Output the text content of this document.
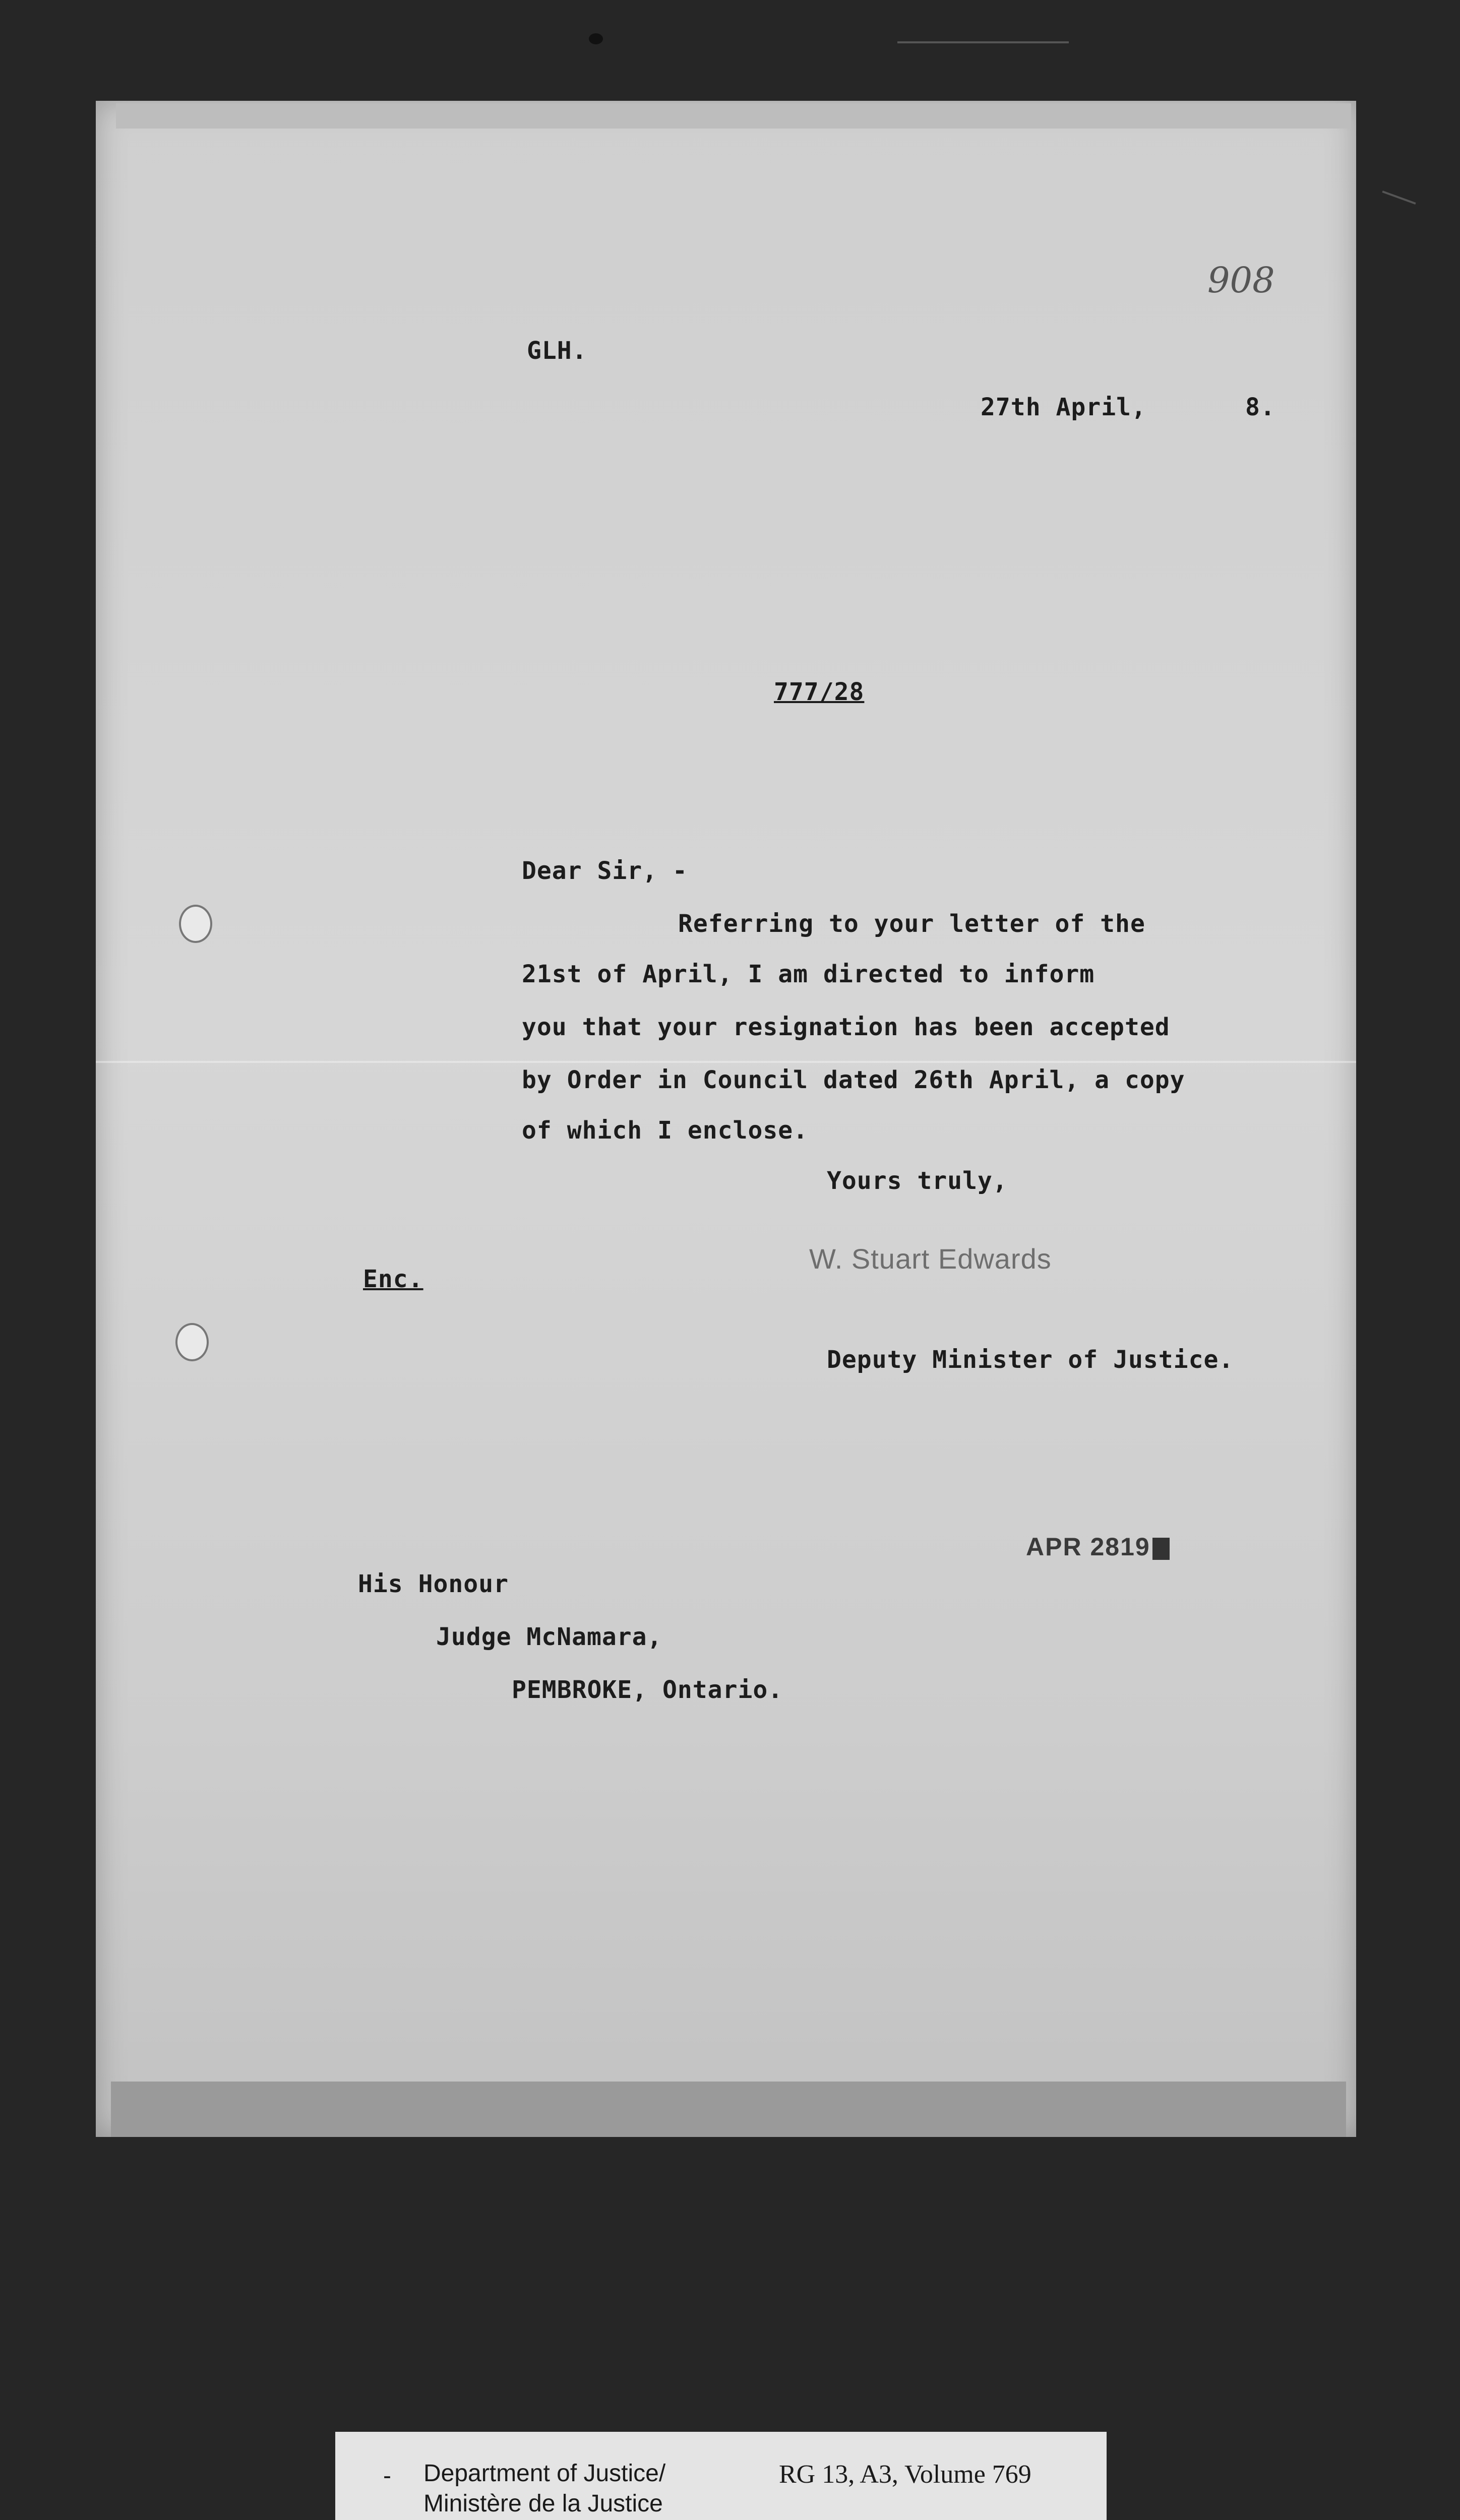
908
GLH.
27th April,	8.
777/28
Dear Sir, -
Referring to your letter of the
21st of April, I am directed to inform
you that your resignation has been accepted
by Order in Council dated 26th April, a copy
of which I enclose.
Yours truly,
W. Stuart Edwards
Enc.
Deputy Minister of Justice.
APR 2819
His Honour
Judge McNamara,
PEMBROKE, Ontario.
- Department of Justice/
Ministère de la Justice
RG 13, A3, Volume 769
